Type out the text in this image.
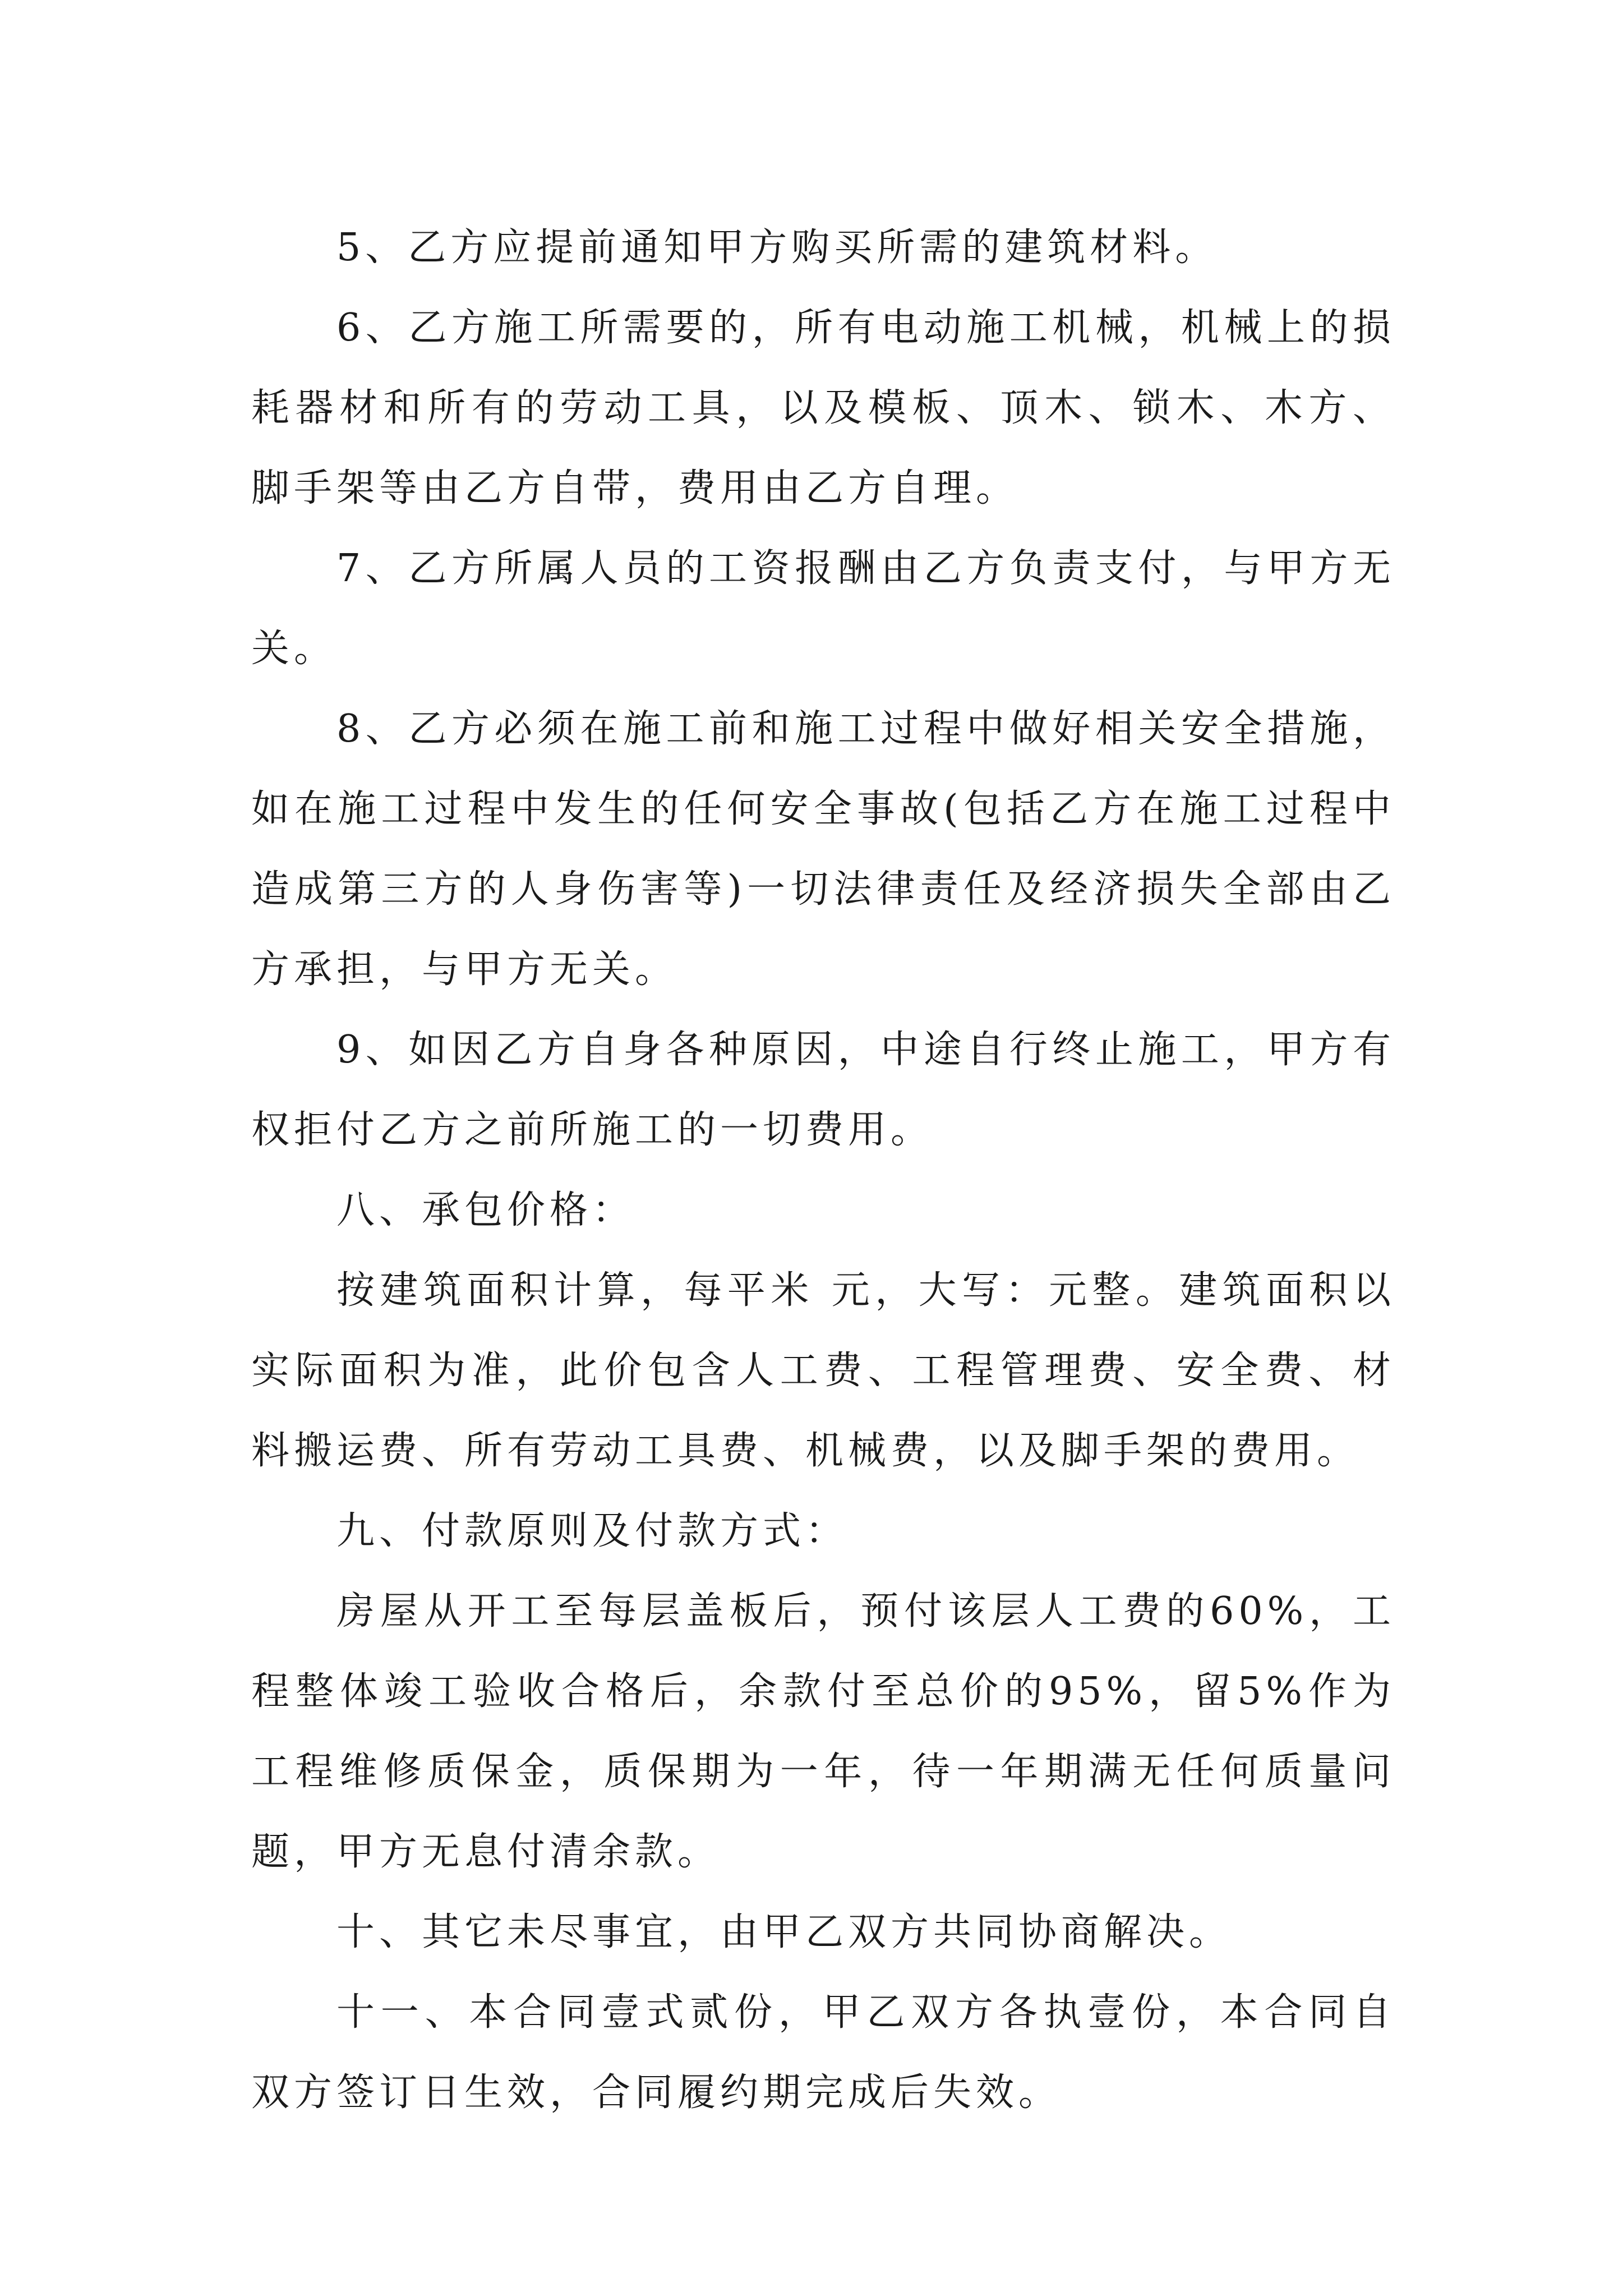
5、乙方应提前通知甲方购买所需的建筑材料。

6、乙方施工所需要的，所有电动施工机械，机械上的损耗器材和所有的劳动工具，以及模板、顶木、锁木、木方、脚手架等由乙方自带，费用由乙方自理。

7、乙方所属人员的工资报酬由乙方负责支付，与甲方无关。

8、乙方必须在施工前和施工过程中做好相关安全措施，如在施工过程中发生的任何安全事故(包括乙方在施工过程中造成第三方的人身伤害等)一切法律责任及经济损失全部由乙方承担，与甲方无关。

9、如因乙方自身各种原因，中途自行终止施工，甲方有权拒付乙方之前所施工的一切费用。

八、承包价格：

按建筑面积计算，每平米 元，大写：元整。建筑面积以实际面积为准，此价包含人工费、工程管理费、安全费、材料搬运费、所有劳动工具费、机械费，以及脚手架的费用。

九、付款原则及付款方式：

房屋从开工至每层盖板后，预付该层人工费的60%，工程整体竣工验收合格后，余款付至总价的95%，留5%作为工程维修质保金，质保期为一年，待一年期满无任何质量问题，甲方无息付清余款。

十、其它未尽事宜，由甲乙双方共同协商解决。

十一、本合同壹式贰份，甲乙双方各执壹份，本合同自双方签订日生效，合同履约期完成后失效。
